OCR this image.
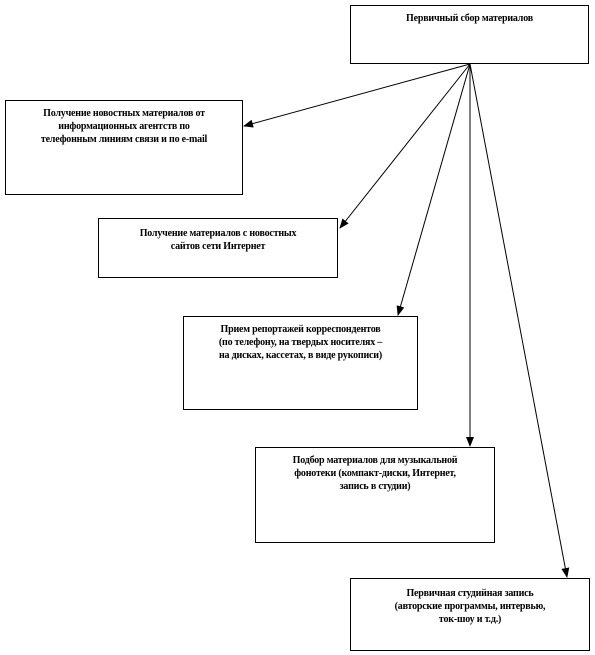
Первичный сбор материалов
Получение новостных материалов от
информационных агентств по
телефонным линиям связи и по e-mail
Получение материалов с новостных
сайтов сети Интернет
Прием репортажей корреспондентов
(по телефону, на твердых носителях –
на дисках, кассетах, в виде рукописи)
Подбор материалов для музыкальной
фонотеки (компакт-диски, Интернет,
запись в студии)
Первичная студийная запись
(авторские программы, интервью,
ток-шоу и т.д.)
